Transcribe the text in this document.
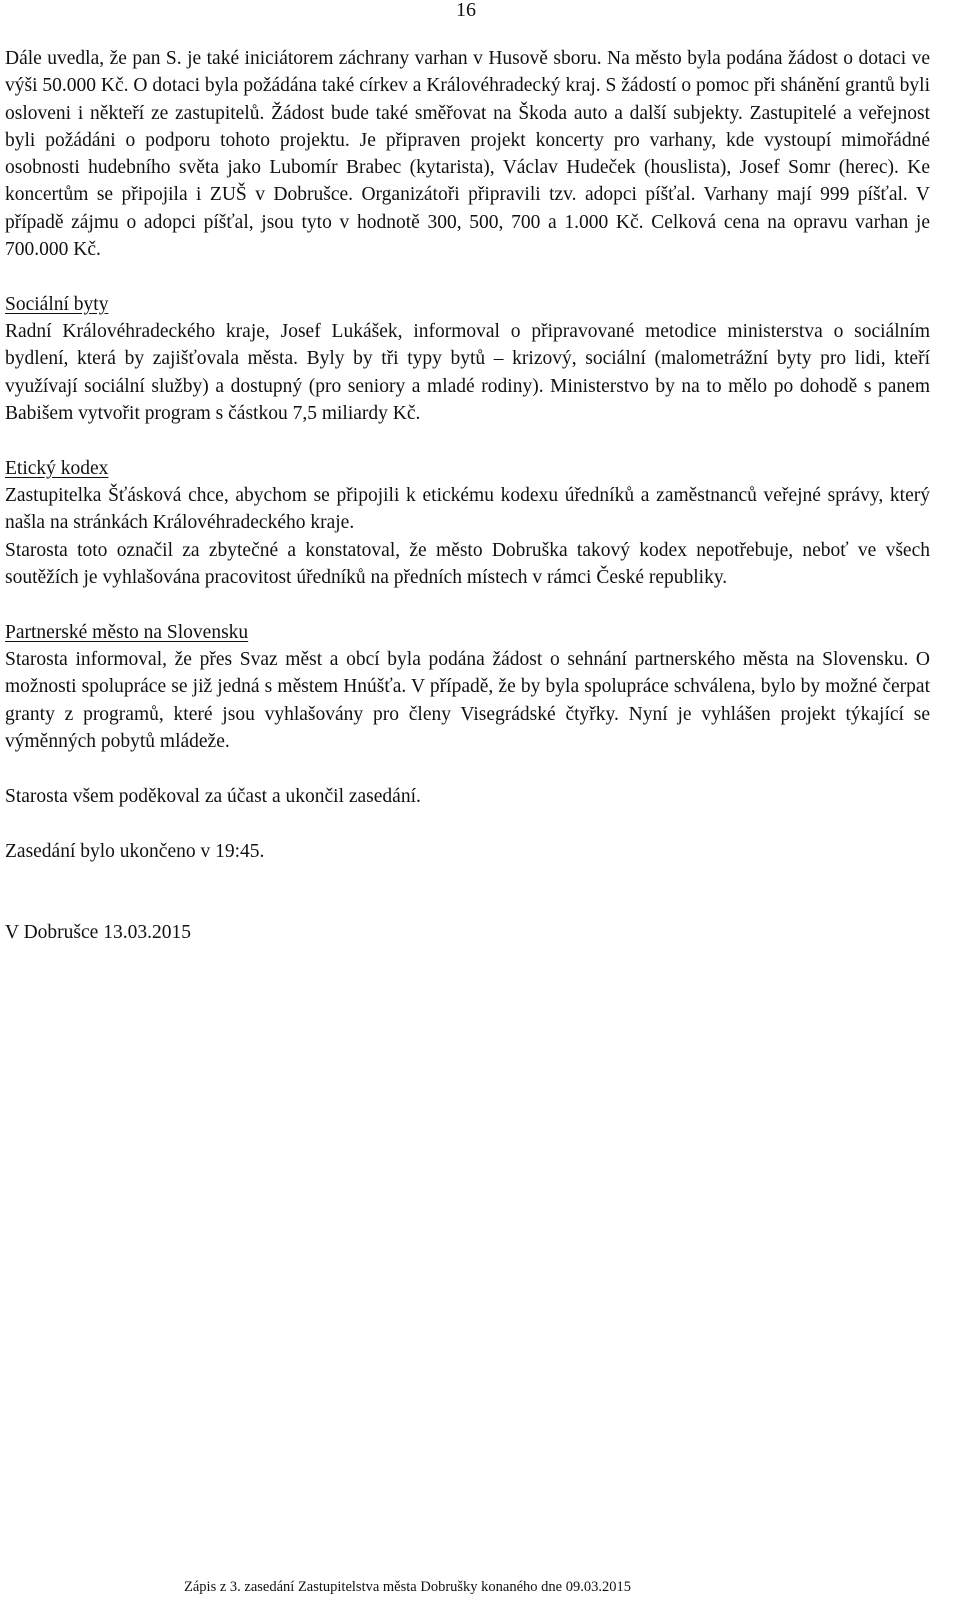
16

Dále uvedla, že pan S. je také iniciátorem záchrany varhan v Husově sboru. Na město byla podána žádost o dotaci ve výši 50.000 Kč. O dotaci byla požádána také církev a Královéhradecký kraj. S žádostí o pomoc při shánění grantů byli osloveni i někteří ze zastupitelů. Žádost bude také směřovat na Škoda auto a další subjekty. Zastupitelé a veřejnost byli požádáni o podporu tohoto projektu. Je připraven projekt koncerty pro varhany, kde vystoupí mimořádné osobnosti hudebního světa jako Lubomír Brabec (kytarista), Václav Hudeček (houslista), Josef Somr (herec). Ke koncertům se připojila i ZUŠ v Dobrušce. Organizátoři připravili tzv. adopci píšťal. Varhany mají 999 píšťal. V případě zájmu o adopci píšťal, jsou tyto v hodnotě 300, 500, 700 a 1.000 Kč. Celková cena na opravu varhan je 700.000 Kč.

Sociální byty

Radní Královéhradeckého kraje, Josef Lukášek, informoval o připravované metodice ministerstva o sociálním bydlení, která by zajišťovala města. Byly by tři typy bytů – krizový, sociální (malometrážní byty pro lidi, kteří využívají sociální služby) a dostupný (pro seniory a mladé rodiny). Ministerstvo by na to mělo po dohodě s panem Babišem vytvořit program s částkou 7,5 miliardy Kč.

Etický kodex

Zastupitelka Šťásková chce, abychom se připojili k etickému kodexu úředníků a zaměstnanců veřejné správy, který našla na stránkách Královéhradeckého kraje.

Starosta toto označil za zbytečné a konstatoval, že město Dobruška takový kodex nepotřebuje, neboť ve všech soutěžích je vyhlašována pracovitost úředníků na předních místech v rámci České republiky.

Partnerské město na Slovensku

Starosta informoval, že přes Svaz měst a obcí byla podána žádost o sehnání partnerského města na Slovensku. O možnosti spolupráce se již jedná s městem Hnúšťa. V případě, že by byla spolupráce schválena, bylo by možné čerpat granty z programů, které jsou vyhlašovány pro členy Visegrádské čtyřky. Nyní je vyhlášen projekt týkající se výměnných pobytů mládeže.

Starosta všem poděkoval za účast a ukončil zasedání.

Zasedání bylo ukončeno v 19:45.

V Dobrušce 13.03.2015

Zápis z 3. zasedání Zastupitelstva města Dobrušky konaného dne 09.03.2015
